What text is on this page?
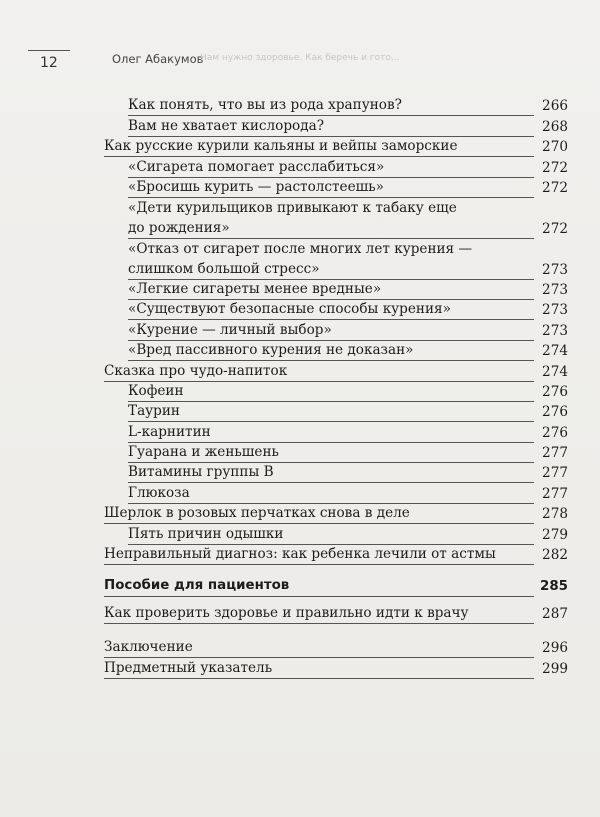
12	Олег Абакумов
Нам нужно здоровье. Как беречь и гото...
Как понять, что вы из рода храпунов?	266
Вам не хватает кислорода?	268
Как русские курили кальяны и вейпы заморские	270
«Сигарета помогает расслабиться»	272
«Бросишь курить — растолстеешь»	272
«Дети курильщиков привыкают к табаку еще
до рождения»	272
«Отказ от сигарет после многих лет курения —
слишком большой стресс»	273
«Легкие сигареты менее вредные»	273
«Существуют безопасные способы курения»	273
«Курение — личный выбор»	273
«Вред пассивного курения не доказан»	274
Сказка про чудо-напиток	274
Кофеин	276
Таурин	276
L-карнитин	276
Гуарана и женьшень	277
Витамины группы B	277
Глюкоза	277
Шерлок в розовых перчатках снова в деле	278
Пять причин одышки	279
Неправильный диагноз: как ребенка лечили от астмы	282
Пособие для пациентов	285
Как проверить здоровье и правильно идти к врачу	287
Заключение	296
Предметный указатель	299
